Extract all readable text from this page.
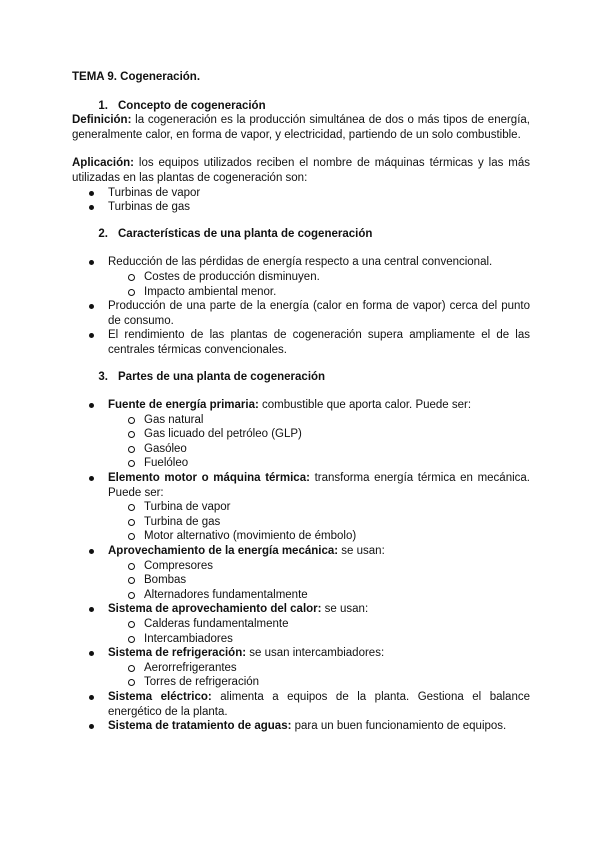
TEMA 9. Cogeneración.

1. Concepto de cogeneración

Definición: la cogeneración es la producción simultánea de dos o más tipos de energía, generalmente calor, en forma de vapor, y electricidad, partiendo de un solo combustible.

Aplicación: los equipos utilizados reciben el nombre de máquinas térmicas y las más utilizadas en las plantas de cogeneración son:

Turbinas de vapor
Turbinas de gas
2. Características de una planta de cogeneración
Reducción de las pérdidas de energía respecto a una central convencional.
Costes de producción disminuyen.
Impacto ambiental menor.
Producción de una parte de la energía (calor en forma de vapor) cerca del punto de consumo.
El rendimiento de las plantas de cogeneración supera ampliamente el de las centrales térmicas convencionales.
3. Partes de una planta de cogeneración
Fuente de energía primaria: combustible que aporta calor. Puede ser:
Gas natural
Gas licuado del petróleo (GLP)
Gasóleo
Fuelóleo
Elemento motor o máquina térmica: transforma energía térmica en mecánica. Puede ser:
Turbina de vapor
Turbina de gas
Motor alternativo (movimiento de émbolo)
Aprovechamiento de la energía mecánica: se usan:
Compresores
Bombas
Alternadores fundamentalmente
Sistema de aprovechamiento del calor: se usan:
Calderas fundamentalmente
Intercambiadores
Sistema de refrigeración: se usan intercambiadores:
Aerorrefrigerantes
Torres de refrigeración
Sistema eléctrico: alimenta a equipos de la planta. Gestiona el balance energético de la planta.
Sistema de tratamiento de aguas: para un buen funcionamiento de equipos.
